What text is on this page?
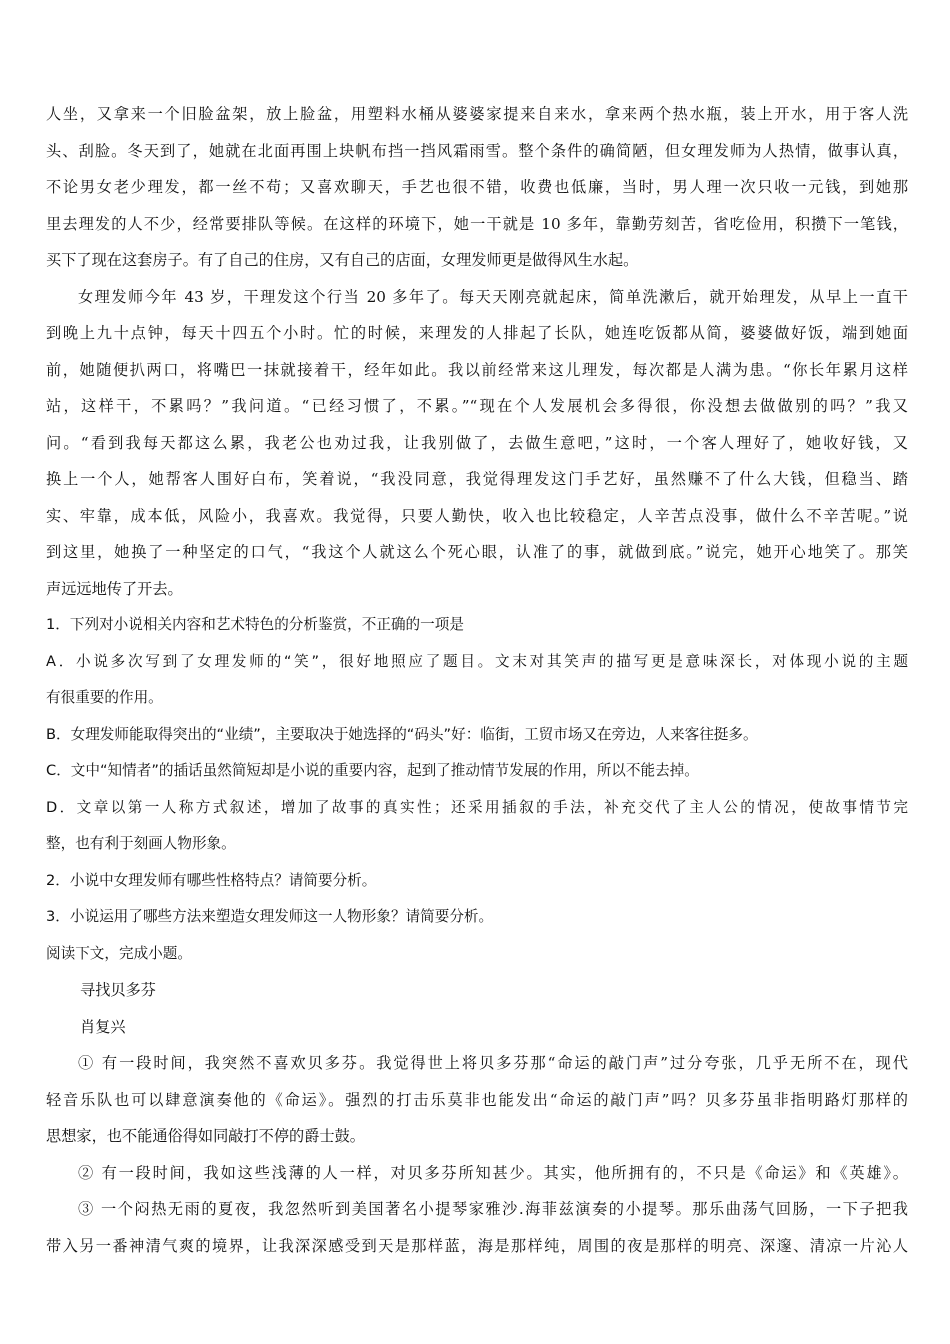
人坐，又拿来一个旧脸盆架，放上脸盆，用塑料水桶从婆婆家提来自来水，拿来两个热水瓶，装上开水，用于客人洗
头、刮脸。冬天到了，她就在北面再围上块帆布挡一挡风霜雨雪。整个条件的确简陋，但女理发师为人热情，做事认真，
不论男女老少理发，都一丝不苟；又喜欢聊天，手艺也很不错，收费也低廉，当时，男人理一次只收一元钱，到她那
里去理发的人不少，经常要排队等候。在这样的环境下，她一干就是 10 多年，靠勤劳刻苦，省吃俭用，积攒下一笔钱，
买下了现在这套房子。有了自己的住房，又有自己的店面，女理发师更是做得风生水起。
女理发师今年 43 岁，干理发这个行当 20 多年了。每天天刚亮就起床，简单洗漱后，就开始理发，从早上一直干
到晚上九十点钟，每天十四五个小时。忙的时候，来理发的人排起了长队，她连吃饭都从简，婆婆做好饭，端到她面
前，她随便扒两口，将嘴巴一抹就接着干，经年如此。我以前经常来这儿理发，每次都是人满为患。“你长年累月这样
站，这样干，不累吗？”我问道。“已经习惯了，不累。”“现在个人发展机会多得很，你没想去做做别的吗？”我又
问。“看到我每天都这么累，我老公也劝过我，让我别做了，去做生意吧，”这时，一个客人理好了，她收好钱，又
换上一个人，她帮客人围好白布，笑着说，“我没同意，我觉得理发这门手艺好，虽然赚不了什么大钱，但稳当、踏
实、牢靠，成本低，风险小，我喜欢。我觉得，只要人勤快，收入也比较稳定，人辛苦点没事，做什么不辛苦呢。”说
到这里，她换了一种坚定的口气，“我这个人就这么个死心眼，认准了的事，就做到底。”说完，她开心地笑了。那笑
声远远地传了开去。
1．下列对小说相关内容和艺术特色的分析鉴赏，不正确的一项是
A．小说多次写到了女理发师的“笑”，很好地照应了题目。文末对其笑声的描写更是意味深长，对体现小说的主题
有很重要的作用。
B．女理发师能取得突出的“业绩”，主要取决于她选择的“码头”好：临街，工贸市场又在旁边，人来客往挺多。
C．文中“知情者”的插话虽然简短却是小说的重要内容，起到了推动情节发展的作用，所以不能去掉。
D．文章以第一人称方式叙述，增加了故事的真实性；还采用插叙的手法，补充交代了主人公的情况，使故事情节完
整，也有利于刻画人物形象。
2．小说中女理发师有哪些性格特点？请简要分析。
3．小说运用了哪些方法来塑造女理发师这一人物形象？请简要分析。
阅读下文，完成小题。
寻找贝多芬
肖复兴
① 有一段时间，我突然不喜欢贝多芬。我觉得世上将贝多芬那“命运的敲门声”过分夸张，几乎无所不在，现代
轻音乐队也可以肆意演奏他的《命运》。强烈的打击乐莫非也能发出“命运的敲门声”吗？贝多芬虽非指明路灯那样的
思想家，也不能通俗得如同敲打不停的爵士鼓。
② 有一段时间，我如这些浅薄的人一样，对贝多芬所知甚少。其实，他所拥有的，不只是《命运》和《英雄》。
③ 一个闷热无雨的夏夜，我忽然听到美国著名小提琴家雅沙.海菲兹演奏的小提琴。那乐曲荡气回肠，一下子把我
带入另一番神清气爽的境界，让我深深感受到天是那样蓝，海是那样纯，周围的夜是那样的明亮、深邃、清凉一片沁人
